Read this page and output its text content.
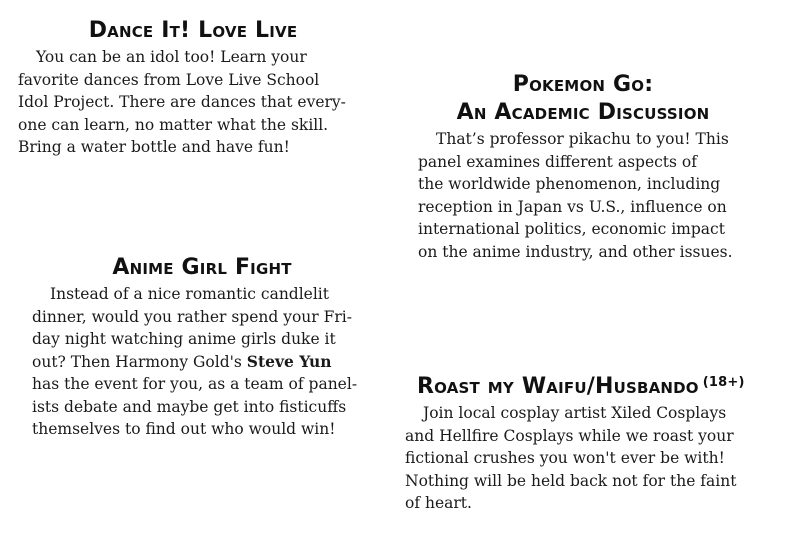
Dance It! Love Live
You can be an idol too! Learn your
favorite dances from Love Live School
Idol Project. There are dances that every-
one can learn, no matter what the skill.
Bring a water bottle and have fun!
Pokemon Go:
An Academic Discussion
That’s professor pikachu to you! This
panel examines different aspects of
the worldwide phenomenon, including
reception in Japan vs U.S., influence on
international politics, economic impact
on the anime industry, and other issues.
Anime Girl Fight
Instead of a nice romantic candlelit
dinner, would you rather spend your Fri-
day night watching anime girls duke it
out? Then Harmony Gold's Steve Yun
has the event for you, as a team of panel-
ists debate and maybe get into fisticuffs
themselves to find out who would win!
Roast my Waifu/Husbando $^{(18+)}$
Join local cosplay artist Xiled Cosplays
and Hellfire Cosplays while we roast your
fictional crushes you won't ever be with!
Nothing will be held back not for the faint
of heart.
